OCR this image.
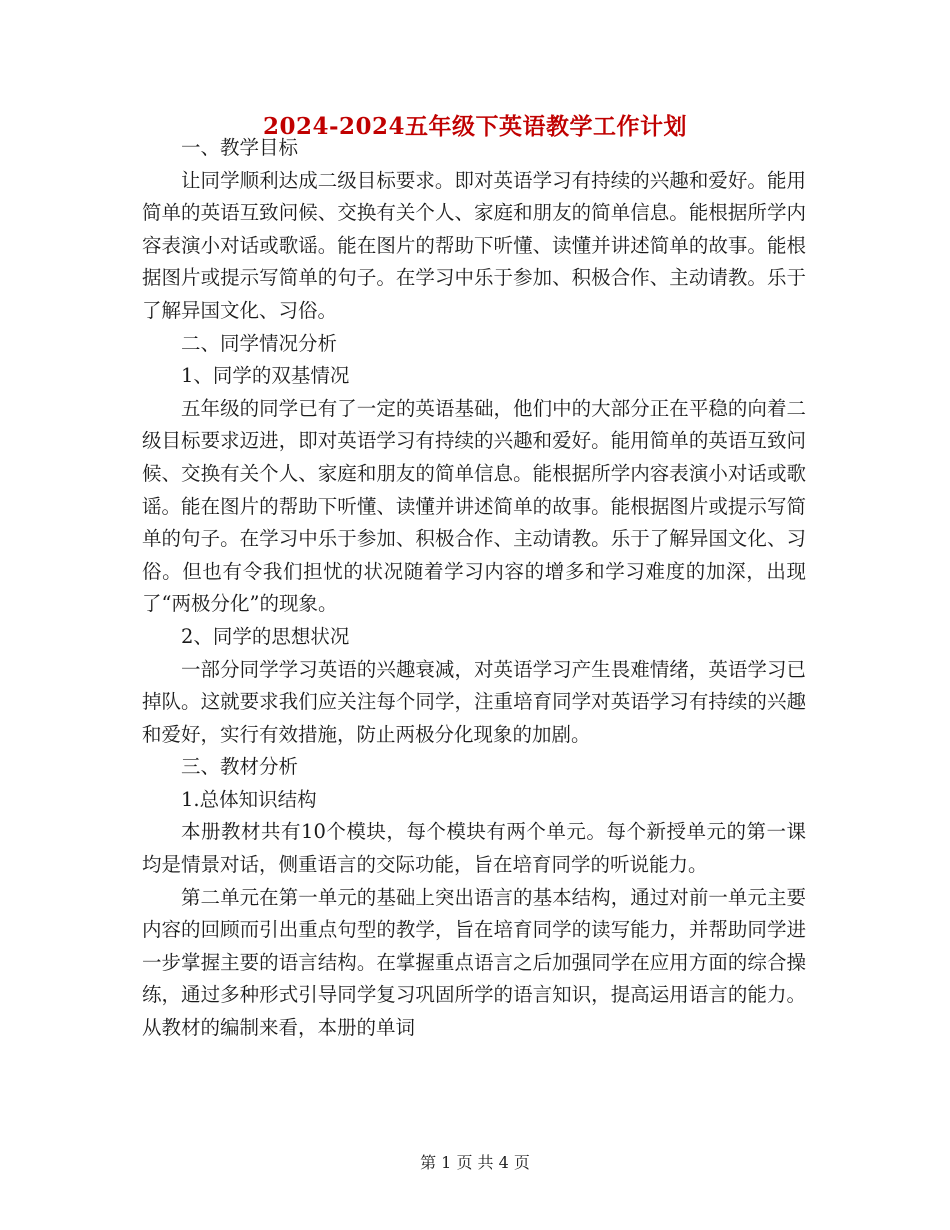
2024-2024五年级下英语教学工作计划

一、教学目标

让同学顺利达成二级目标要求。即对英语学习有持续的兴趣和爱好。能用简单的英语互致问候、交换有关个人、家庭和朋友的简单信息。能根据所学内容表演小对话或歌谣。能在图片的帮助下听懂、读懂并讲述简单的故事。能根据图片或提示写简单的句子。在学习中乐于参加、积极合作、主动请教。乐于了解异国文化、习俗。

二、同学情况分析

1、同学的双基情况

五年级的同学已有了一定的英语基础，他们中的大部分正在平稳的向着二级目标要求迈进，即对英语学习有持续的兴趣和爱好。能用简单的英语互致问候、交换有关个人、家庭和朋友的简单信息。能根据所学内容表演小对话或歌谣。能在图片的帮助下听懂、读懂并讲述简单的故事。能根据图片或提示写简单的句子。在学习中乐于参加、积极合作、主动请教。乐于了解异国文化、习俗。但也有令我们担忧的状况随着学习内容的增多和学习难度的加深，出现了“两极分化”的现象。

2、同学的思想状况

一部分同学学习英语的兴趣衰减，对英语学习产生畏难情绪，英语学习已掉队。这就要求我们应关注每个同学，注重培育同学对英语学习有持续的兴趣和爱好，实行有效措施，防止两极分化现象的加剧。

三、教材分析

1.总体知识结构

本册教材共有10个模块，每个模块有两个单元。每个新授单元的第一课均是情景对话，侧重语言的交际功能，旨在培育同学的听说能力。

第二单元在第一单元的基础上突出语言的基本结构，通过对前一单元主要内容的回顾而引出重点句型的教学，旨在培育同学的读写能力，并帮助同学进一步掌握主要的语言结构。在掌握重点语言之后加强同学在应用方面的综合操练，通过多种形式引导同学复习巩固所学的语言知识，提高运用语言的能力。从教材的编制来看，本册的单词

第 1 页 共 4 页
